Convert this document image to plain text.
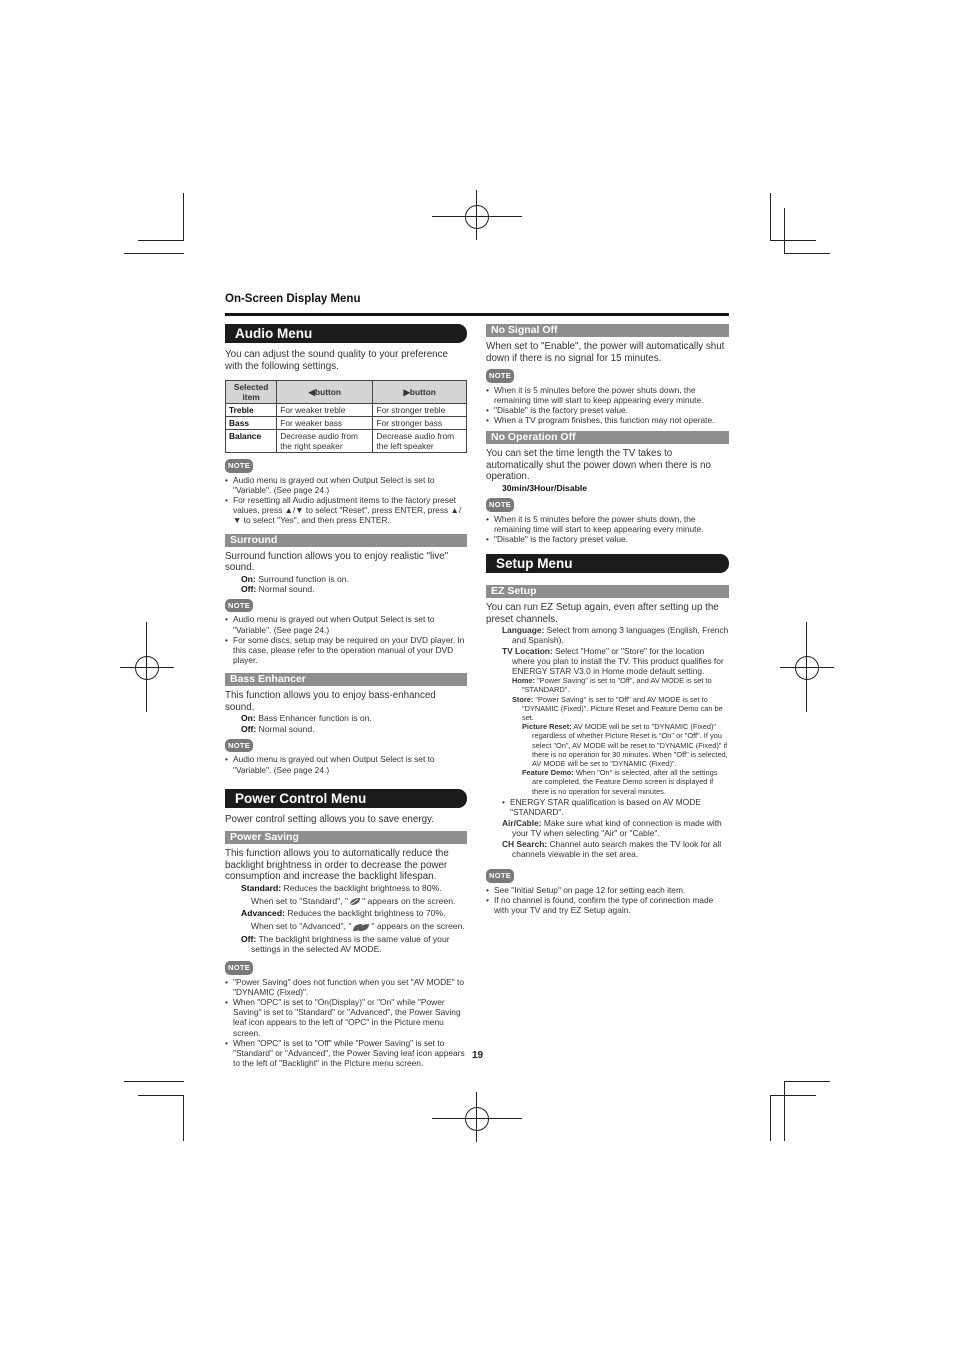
On-Screen Display Menu
Audio Menu

You can adjust the sound quality to your preference with the following settings.

Selected item	◀button	▶button
Treble	For weaker treble	For stronger treble
Bass	For weaker bass	For stronger bass
Balance	Decrease audio from the right speaker	Decrease audio from the left speaker
NOTE
• Audio menu is grayed out when Output Select is set to "Variable". (See page 24.)
• For resetting all Audio adjustment items to the factory preset values, press ▲/▼ to select "Reset", press ENTER, press ▲/▼ to select "Yes", and then press ENTER.
Surround

Surround function allows you to enjoy realistic "live" sound.

On: Surround function is on.
Off: Normal sound.
NOTE
• Audio menu is grayed out when Output Select is set to "Variable". (See page 24.)
• For some discs, setup may be required on your DVD player. In this case, please refer to the operation manual of your DVD player.
Bass Enhancer

This function allows you to enjoy bass-enhanced sound.

On: Bass Enhancer function is on.
Off: Normal sound.
NOTE
• Audio menu is grayed out when Output Select is set to "Variable". (See page 24.)
Power Control Menu

Power control setting allows you to save energy.

Power Saving

This function allows you to automatically reduce the backlight brightness in order to decrease the power consumption and increase the backlight lifespan.

Standard: Reduces the backlight brightness to 80%.
When set to "Standard", " " appears on the screen.
Advanced: Reduces the backlight brightness to 70%.
When set to "Advanced", " " appears on the screen.
Off: The backlight brightness is the same value of your settings in the selected AV MODE.
NOTE
• "Power Saving" does not function when you set "AV MODE" to "DYNAMIC (Fixed)".
• When "OPC" is set to "On(Display)" or "On" while "Power Saving" is set to "Standard" or "Advanced", the Power Saving leaf icon appears to the left of "OPC" in the Picture menu screen.
• When "OPC" is set to "Off" while "Power Saving" is set to "Standard" or "Advanced", the Power Saving leaf icon appears to the left of "Backlight" in the Picture menu screen.
No Signal Off

When set to "Enable", the power will automatically shut down if there is no signal for 15 minutes.

NOTE
• When it is 5 minutes before the power shuts down, the remaining time will start to keep appearing every minute.
• "Disable" is the factory preset value.
• When a TV program finishes, this function may not operate.
No Operation Off

You can set the time length the TV takes to automatically shut the power down when there is no operation.

30min/3Hour/Disable
NOTE
• When it is 5 minutes before the power shuts down, the remaining time will start to keep appearing every minute.
• "Disable" is the factory preset value.
Setup Menu
EZ Setup

You can run EZ Setup again, even after setting up the preset channels.

Language: Select from among 3 languages (English, French and Spanish).
TV Location: Select "Home" or "Store" for the location where you plan to install the TV. This product qualifies for ENERGY STAR V3.0 in Home mode default setting.
Home: "Power Saving" is set to "Off", and AV MODE is set to "STANDARD".
Store: "Power Saving" is set to "Off" and AV MODE is set to "DYNAMIC (Fixed)". Picture Reset and Feature Demo can be set.
Picture Reset: AV MODE will be set to "DYNAMIC (Fixed)" regardless of whether Picture Reset is "On" or "Off". If you select "On", AV MODE will be reset to "DYNAMIC (Fixed)" if there is no operation for 30 minutes. When "Off" is selected, AV MODE will be set to "DYNAMIC (Fixed)".
Feature Demo: When "On" is selected, after all the settings are completed, the Feature Demo screen is displayed if there is no operation for several minutes.
• ENERGY STAR qualification is based on AV MODE "STANDARD".
Air/Cable: Make sure what kind of connection is made with your TV when selecting "Air" or "Cable".
CH Search: Channel auto search makes the TV look for all channels viewable in the set area.
NOTE
• See "Initial Setup" on page 12 for setting each item.
• If no channel is found, confirm the type of connection made with your TV and try EZ Setup again.
19
